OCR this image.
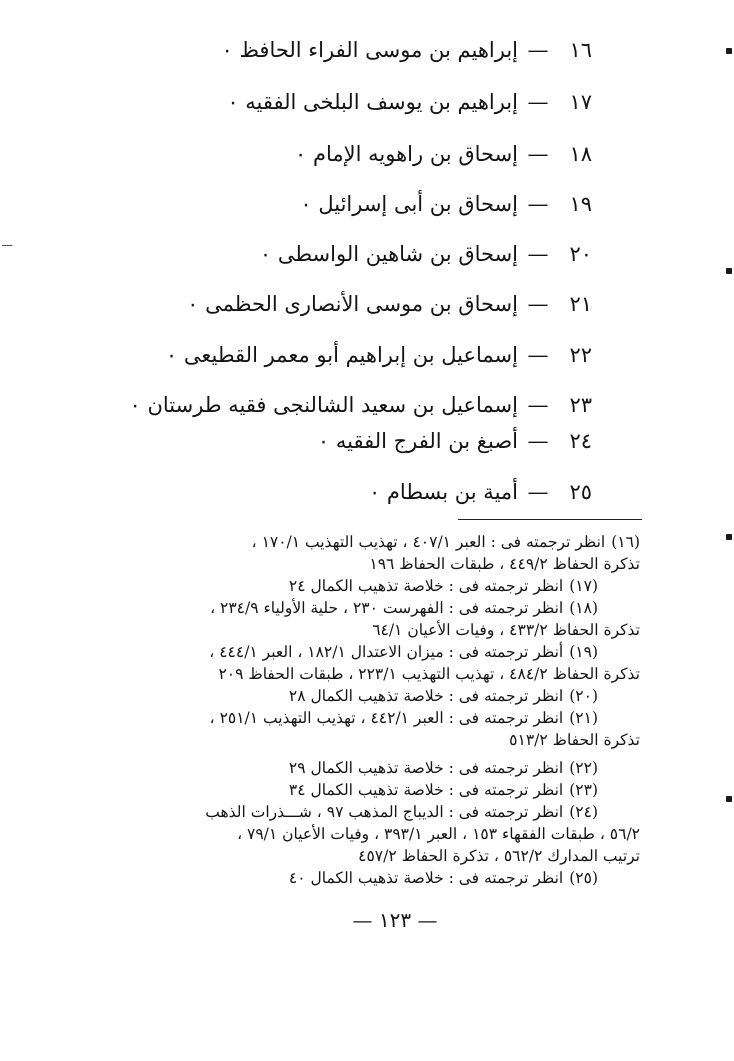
١٦—إبراهيم بن موسى الفراء الحافظ ٠
١٧—إبراهيم بن يوسف البلخى الفقيه ٠
١٨—إسحاق بن راهويه الإمام ٠
١٩—إسحاق بن أبى إسرائيل ٠
٢٠—إسحاق بن شاهين الواسطى ٠
٢١—إسحاق بن موسى الأنصارى الحظمى ٠
٢٢—إسماعيل بن إبراهيم أبو معمر القطيعى ٠
٢٣—إسماعيل بن سعيد الشالنجى فقيه طرستان ٠
٢٤—أصبغ بن الفرج الفقيه ٠
٢٥—أمية بن بسطام ٠
(١٦)انظر ترجمته فى : العبر ٤٠٧/١ ، تهذيب التهذيب ١٧٠/١ ،
تذكرة الحفاظ ٤٤٩/٢ ، طبقات الحفاظ ١٩٦
(١٧)انظر ترجمته فى : خلاصة تذهيب الكمال ٢٤
(١٨)انظر ترجمته فى : الفهرست ٢٣٠ ، حلية الأولياء ٢٣٤/٩ ،
تذكرة الحفاظ ٤٣٣/٢ ، وفيات الأعيان ٦٤/١
(١٩)أنظر ترجمته فى : ميزان الاعتدال ١٨٢/١ ، العبر ٤٤٤/١ ،
تذكرة الحفاظ ٤٨٤/٢ ، تهذيب التهذيب ٢٢٣/١ ، طبقات الحفاظ ٢٠٩
(٢٠)انظر ترجمته فى : خلاصة تذهيب الكمال ٢٨
(٢١)انظر ترجمته فى : العبر ٤٤٢/١ ، تهذيب التهذيب ٢٥١/١ ،
تذكرة الحفاظ ٥١٣/٢
(٢٢)انظر ترجمته فى : خلاصة تذهيب الكمال ٢٩
(٢٣)انظر ترجمته فى : خلاصة تذهيب الكمال ٣٤
(٢٤)انظر ترجمته فى : الديباج المذهب ٩٧ ، شـــذرات الذهب
٥٦/٢ ، طبقات الفقهاء ١٥٣ ، العبر ٣٩٣/١ ، وفيات الأعيان ٧٩/١ ،
ترتيب المدارك ٥٦٢/٢ ، تذكرة الحفاظ ٤٥٧/٢
(٢٥)انظر ترجمته فى : خلاصة تذهيب الكمال ٤٠
— ١٢٣ —
